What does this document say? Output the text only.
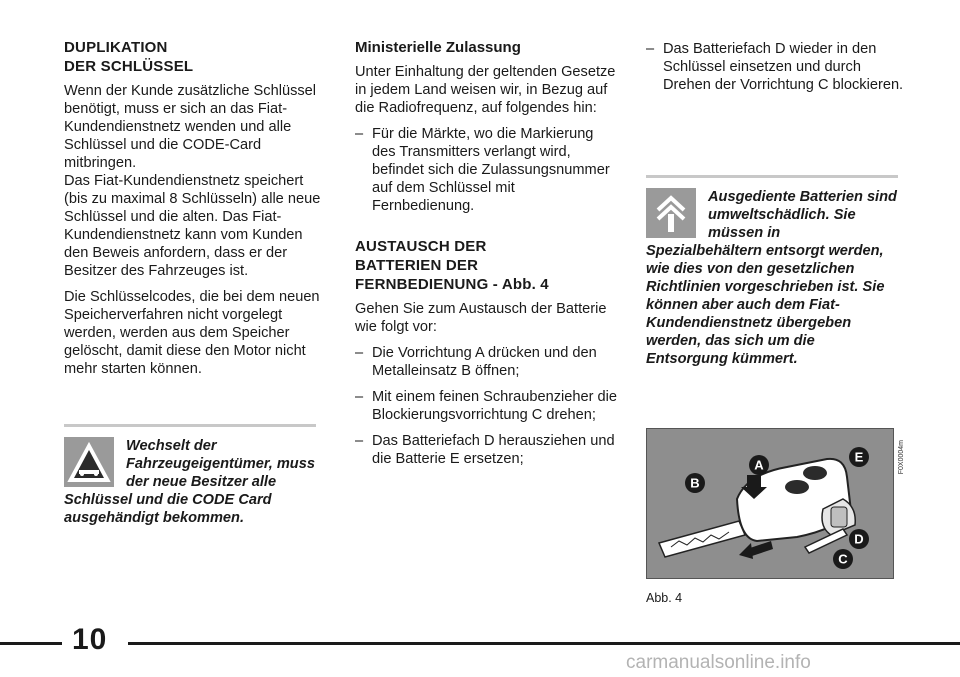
DUPLIKATION
DER SCHLÜSSEL
Wenn der Kunde zusätzliche Schlüssel benötigt, muss er sich an das Fiat-Kundendienstnetz wenden und alle Schlüssel und die CODE-Card mitbringen.
Das Fiat-Kundendienstnetz speichert (bis zu maximal 8 Schlüsseln) alle neue Schlüssel und die alten. Das Fiat-Kundendienstnetz kann vom Kunden den Beweis anfordern, dass er der Besitzer des Fahrzeuges ist.
Die Schlüsselcodes, die bei dem neuen Speicherverfahren nicht vorgelegt werden, werden aus dem Speicher gelöscht, damit diese den Motor nicht mehr starten können.
Wechselt der Fahrzeugeigentümer, muss der neue Besitzer alle Schlüssel und die CODE Card ausgehändigt bekommen.
Ministerielle Zulassung
Unter Einhaltung der geltenden Gesetze in jedem Land weisen wir, in Bezug auf die Radiofrequenz, auf folgendes hin:
– Für die Märkte, wo die Markierung des Transmitters verlangt wird, befindet sich die Zulassungsnummer auf dem Schlüssel mit Fernbedienung.
AUSTAUSCH DER
BATTERIEN DER
FERNBEDIENUNG - Abb. 4
Gehen Sie zum Austausch der Batterie wie folgt vor:
– Die Vorrichtung A drücken und den Metalleinsatz B öffnen;
– Mit einem feinen Schraubenzieher die Blockierungsvorrichtung C drehen;
– Das Batteriefach D herausziehen und die Batterie E ersetzen;
– Das Batteriefach D wieder in den Schlüssel einsetzen und durch Drehen der Vorrichtung C blockieren.
Ausgediente Batterien sind umweltschädlich. Sie müssen in Spezialbehältern entsorgt werden, wie dies von den gesetzlichen Richtlinien vorgeschrieben ist. Sie können aber auch dem Fiat-Kundendienstnetz übergeben werden, das sich um die Entsorgung kümmert.
B
A
E
D
C
F0X0004m
Abb. 4
10
carmanualsonline.info
